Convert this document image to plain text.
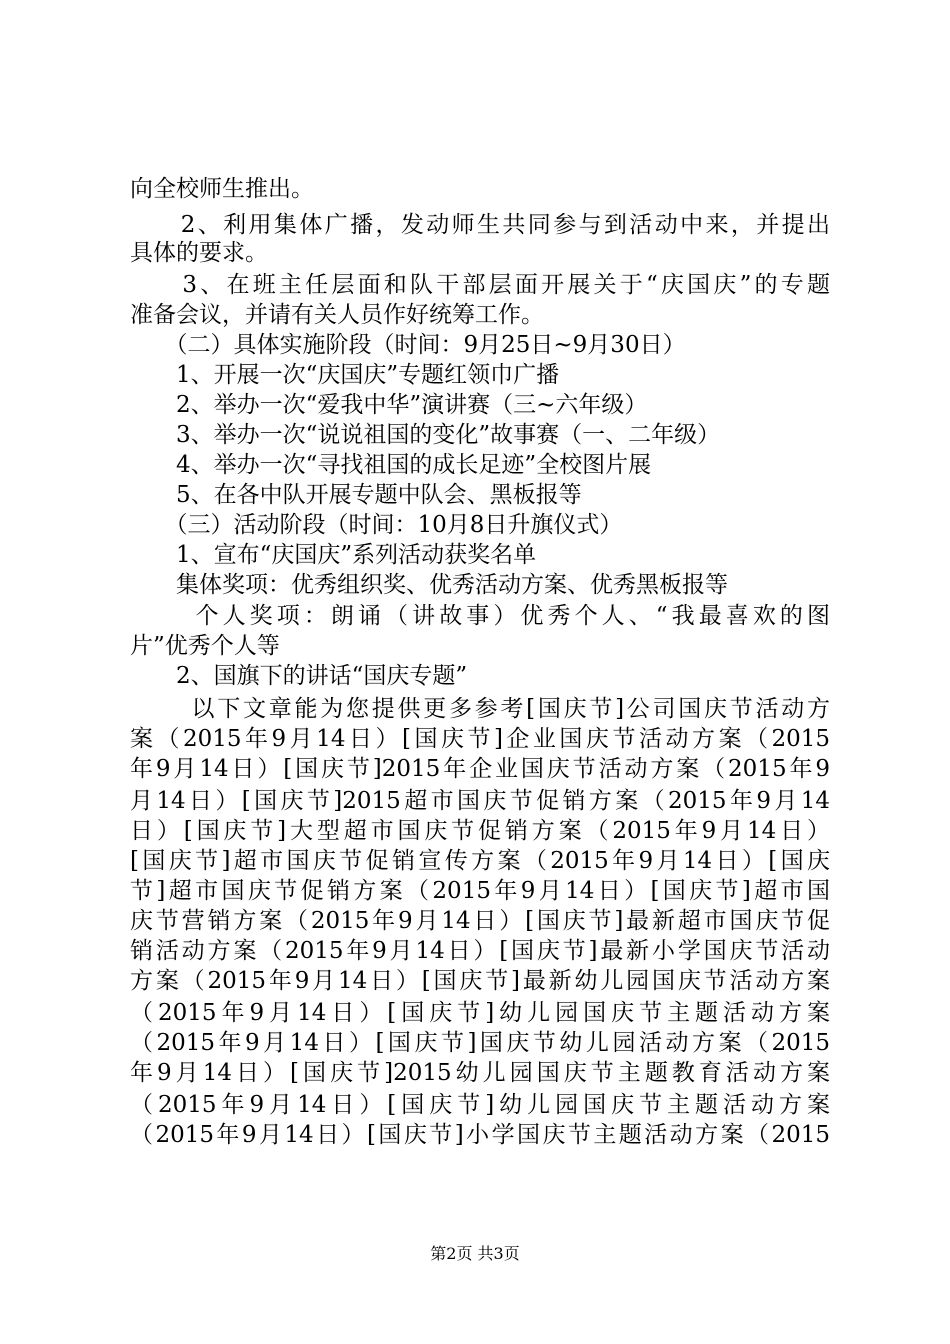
向全校师生推出。
　　2、利用集体广播，发动师生共同参与到活动中来，并提出
具体的要求。
　　3、在班主任层面和队干部层面开展关于“庆国庆”的专题
准备会议，并请有关人员作好统筹工作。
　　（二）具体实施阶段（时间：9月25日~9月30日）
　　1、开展一次“庆国庆”专题红领巾广播
　　2、举办一次“爱我中华”演讲赛（三~六年级）
　　3、举办一次“说说祖国的变化”故事赛（一、二年级）
　　4、举办一次“寻找祖国的成长足迹”全校图片展
　　5、在各中队开展专题中队会、黑板报等
　　（三）活动阶段（时间：10月8日升旗仪式）
　　1、宣布“庆国庆”系列活动获奖名单
　　集体奖项：优秀组织奖、优秀活动方案、优秀黑板报等
　　 个人奖项：朗诵（讲故事）优秀个人、“我最喜欢的图
片”优秀个人等
　　2、国旗下的讲话“国庆专题”
　　 以下文章能为您提供更多参考[国庆节]公司国庆节活动方
案（2015年9月14日）[国庆节]企业国庆节活动方案（2015
年9月14日）[国庆节]2015年企业国庆节活动方案（2015年9
月14日）[国庆节]2015超市国庆节促销方案（2015年9月14
日）[国庆节]大型超市国庆节促销方案（2015年9月14日）
[国庆节]超市国庆节促销宣传方案（2015年9月14日）[国庆
节]超市国庆节促销方案（2015年9月14日）[国庆节]超市国
庆节营销方案（2015年9月14日）[国庆节]最新超市国庆节促
销活动方案（2015年9月14日）[国庆节]最新小学国庆节活动
方案（2015年9月14日）[国庆节]最新幼儿园国庆节活动方案
（2015年9月14日）[国庆节]幼儿园国庆节主题活动方案
（2015年9月14日）[国庆节]国庆节幼儿园活动方案（2015
年9月14日）[国庆节]2015幼儿园国庆节主题教育活动方案
（2015年9月14日）[国庆节]幼儿园国庆节主题活动方案
（2015年9月14日）[国庆节]小学国庆节主题活动方案（2015
第2页 共3页
